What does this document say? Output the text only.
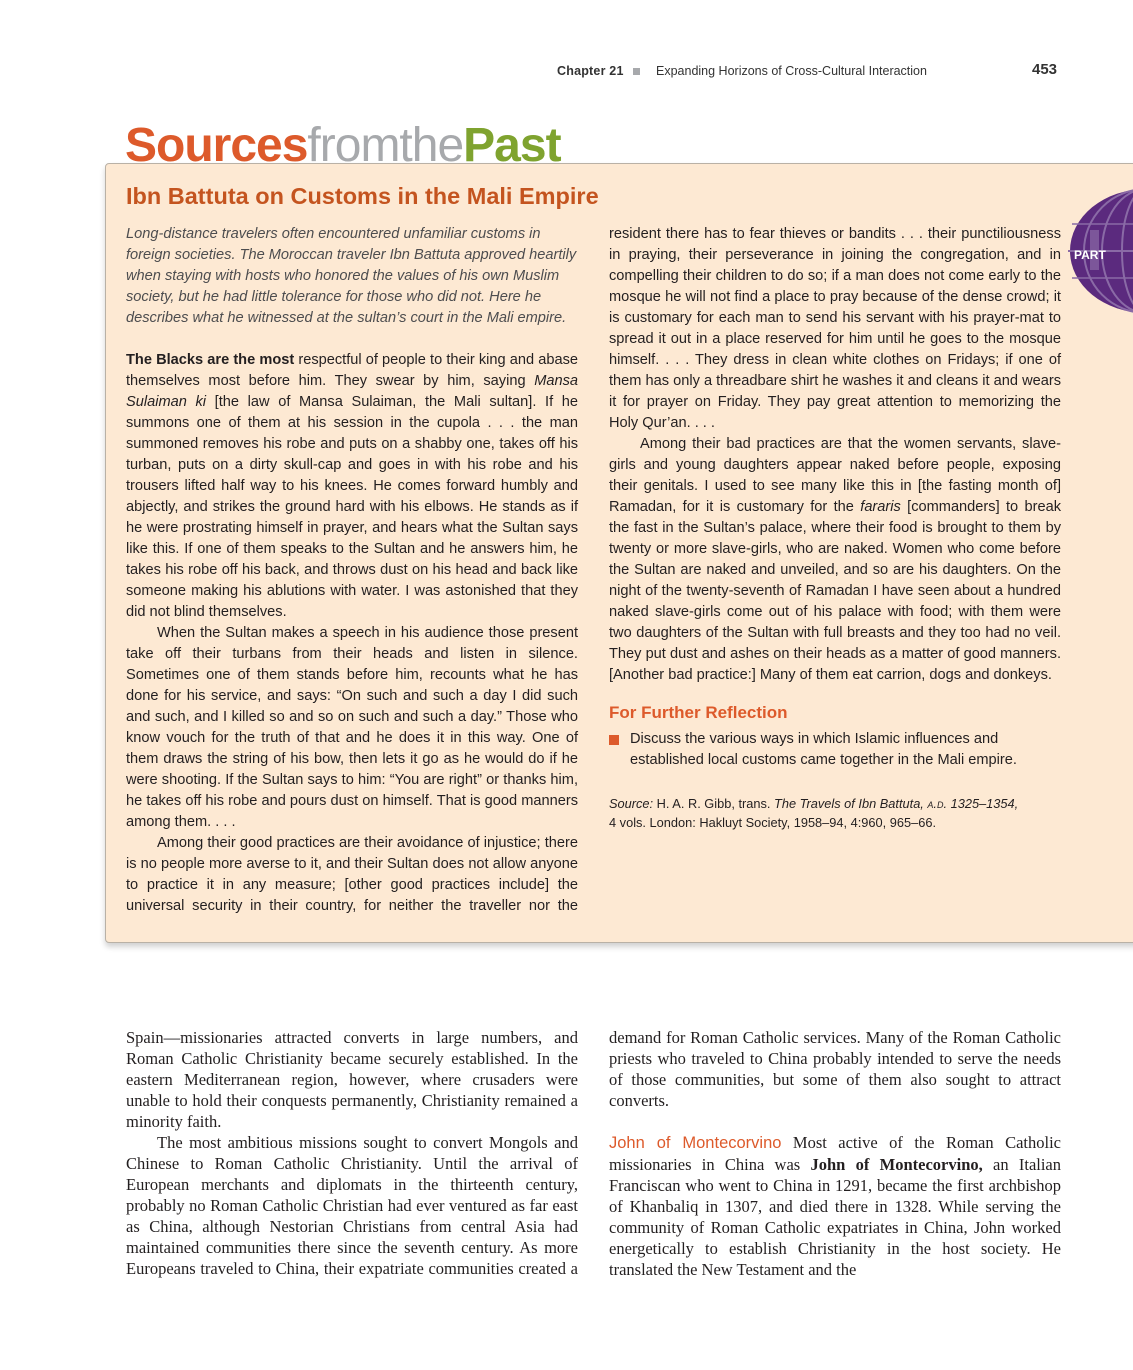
Chapter 21	Expanding Horizons of Cross-Cultural Interaction	453
PART
SourcesfromthePast
Ibn Battuta on Customs in the Mali Empire

Long-distance travelers often encountered unfamiliar customs in foreign societies. The Moroccan traveler Ibn Battuta approved heartily when staying with hosts who honored the values of his own Muslim society, but he had little tolerance for those who did not. Here he describes what he witnessed at the sultan’s court in the Mali empire.

The Blacks are the most respectful of people to their king and abase themselves most before him. They swear by him, saying Mansa Sulaiman ki [the law of Mansa Sulaiman, the Mali sultan]. If he summons one of them at his session in the cupola . . . the man summoned removes his robe and puts on a shabby one, takes off his turban, puts on a dirty skull-cap and goes in with his robe and his trousers lifted half way to his knees. He comes forward humbly and abjectly, and strikes the ground hard with his elbows. He stands as if he were prostrating himself in prayer, and hears what the Sultan says like this. If one of them speaks to the Sultan and he answers him, he takes his robe off his back, and throws dust on his head and back like someone making his ablutions with water. I was astonished that they did not blind themselves.

When the Sultan makes a speech in his audience those present take off their turbans from their heads and listen in silence. Sometimes one of them stands before him, recounts what he has done for his service, and says: “On such and such a day I did such and such, and I killed so and so on such and such a day.” Those who know vouch for the truth of that and he does it in this way. One of them draws the string of his bow, then lets it go as he would do if he were shooting. If the Sultan says to him: “You are right” or thanks him, he takes off his robe and pours dust on himself. That is good manners among them. . . .

Among their good practices are their avoidance of injustice; there is no people more averse to it, and their Sultan does not allow anyone to practice it in any measure; [other good practices include] the universal security in their country, for neither the traveller nor the

resident there has to fear thieves or bandits . . . their punctiliousness in praying, their perseverance in joining the congregation, and in compelling their children to do so; if a man does not come early to the mosque he will not find a place to pray because of the dense crowd; it is customary for each man to send his servant with his prayer-mat to spread it out in a place reserved for him until he goes to the mosque himself. . . . They dress in clean white clothes on Fridays; if one of them has only a threadbare shirt he washes it and cleans it and wears it for prayer on Friday. They pay great attention to memorizing the Holy Qur’an. . . .

Among their bad practices are that the women servants, slave-girls and young daughters appear naked before people, exposing their genitals. I used to see many like this in [the fasting month of] Ramadan, for it is customary for the fararis [commanders] to break the fast in the Sultan’s palace, where their food is brought to them by twenty or more slave-girls, who are naked. Women who come before the Sultan are naked and unveiled, and so are his daughters. On the night of the twenty-seventh of Ramadan I have seen about a hundred naked slave-girls come out of his palace with food; with them were two daughters of the Sultan with full breasts and they too had no veil. They put dust and ashes on their heads as a matter of good manners. [Another bad practice:] Many of them eat carrion, dogs and donkeys.

For Further Reflection

Discuss the various ways in which Islamic influences and established local customs came together in the Mali empire.

Source: H. A. R. Gibb, trans. The Travels of Ibn Battuta, a.d. 1325–1354,
4 vols. London: Hakluyt Society, 1958–94, 4:960, 965–66.

Spain—missionaries attracted converts in large numbers, and Roman Catholic Christianity became securely established. In the eastern Mediterranean region, however, where crusaders were unable to hold their conquests permanently, Christianity remained a minority faith.

The most ambitious missions sought to convert Mongols and Chinese to Roman Catholic Christianity. Until the arrival of European merchants and diplomats in the thirteenth century, probably no Roman Catholic Christian had ever ventured as far east as China, although Nestorian Christians from central Asia had maintained communities there since the seventh century. As more Europeans traveled to China, their expatriate communities created a

demand for Roman Catholic services. Many of the Roman Catholic priests who traveled to China probably intended to serve the needs of those communities, but some of them also sought to attract converts.

John of Montecorvino Most active of the Roman Catholic missionaries in China was John of Montecorvino, an Italian Franciscan who went to China in 1291, became the first archbishop of Khanbaliq in 1307, and died there in 1328. While serving the community of Roman Catholic expatriates in China, John worked energetically to establish Christianity in the host society. He translated the New Testament and the
